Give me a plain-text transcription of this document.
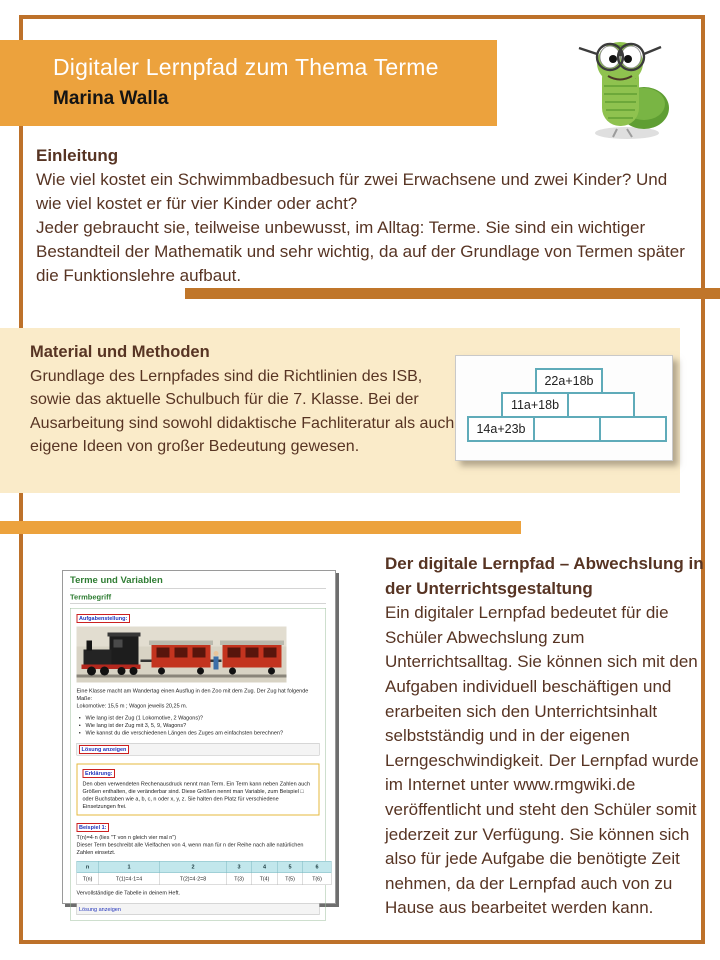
Digitaler Lernpfad zum Thema Terme
Marina Walla
Einleitung

Wie viel kostet ein Schwimmbadbesuch für zwei Erwachsene und zwei Kinder? Und wie viel kostet er für vier Kinder oder acht?

Jeder gebraucht sie, teilweise unbewusst, im Alltag: Terme. Sie sind ein wichtiger Bestandteil der Mathematik und sehr wichtig, da auf der Grundlage von Termen später die Funktionslehre aufbaut.

Material und Methoden

Grundlage des Lernpfades sind die Richtlinien des ISB, sowie das aktuelle Schulbuch für die 7. Klasse. Bei der Ausarbeitung sind sowohl didaktische Fachliteratur als auch eigene Ideen von großer Bedeutung gewesen.

22a+18b
11a+18b
14a+23b
Terme und Variablen
Termbegriff
Aufgabenstellung:

Eine Klasse macht am Wandertag einen Ausflug in den Zoo mit dem Zug. Der Zug hat folgende Maße:

Lokomotive: 15,5 m ; Wagon jeweils 20,25 m.

• Wie lang ist der Zug (1 Lokomotive, 2 Wagons)?
• Wie lang ist der Zug mit 3, 5, 9, Wagons?
• Wie kannst du die verschiedenen Längen des Zuges am einfachsten berechnen?
Lösung anzeigen
Erklärung:

Den oben verwendeten Rechenausdruck nennt man Term. Ein Term kann neben Zahlen auch Größen enthalten, die veränderbar sind. Diese Größen nennt man Variable, zum Beispiel □ oder Buchstaben wie a, b, c, n oder x, y, z. Sie halten den Platz für verschiedene Einsetzungen frei.

Beispiel 1:

T(n)=4·n (lies "T von n gleich vier mal n")

Dieser Term beschreibt alle Vielfachen von 4, wenn man für n der Reihe nach alle natürlichen Zahlen einsetzt.

n	1	2	3	4	5	6
T(n)	T(1)=4·1=4	T(2)=4·2=8	T(3)	T(4)	T(5)	T(6)

Vervollständige die Tabelle in deinem Heft.

Lösung anzeigen
Der digitale Lernpfad – Abwechslung in der Unterrichtsgestaltung

Ein digitaler Lernpfad bedeutet für die Schüler Abwechslung zum Unterrichtsalltag. Sie können sich mit den Aufgaben individuell beschäftigen und erarbeiten sich den Unterrichtsinhalt selbstständig und in der eigenen Lerngeschwindigkeit. Der Lernpfad wurde im Internet unter www.rmgwiki.de veröffentlicht und steht den Schüler somit jederzeit zur Verfügung. Sie können sich also für jede Aufgabe die benötigte Zeit nehmen, da der Lernpfad auch von zu Hause aus bearbeitet werden kann.
